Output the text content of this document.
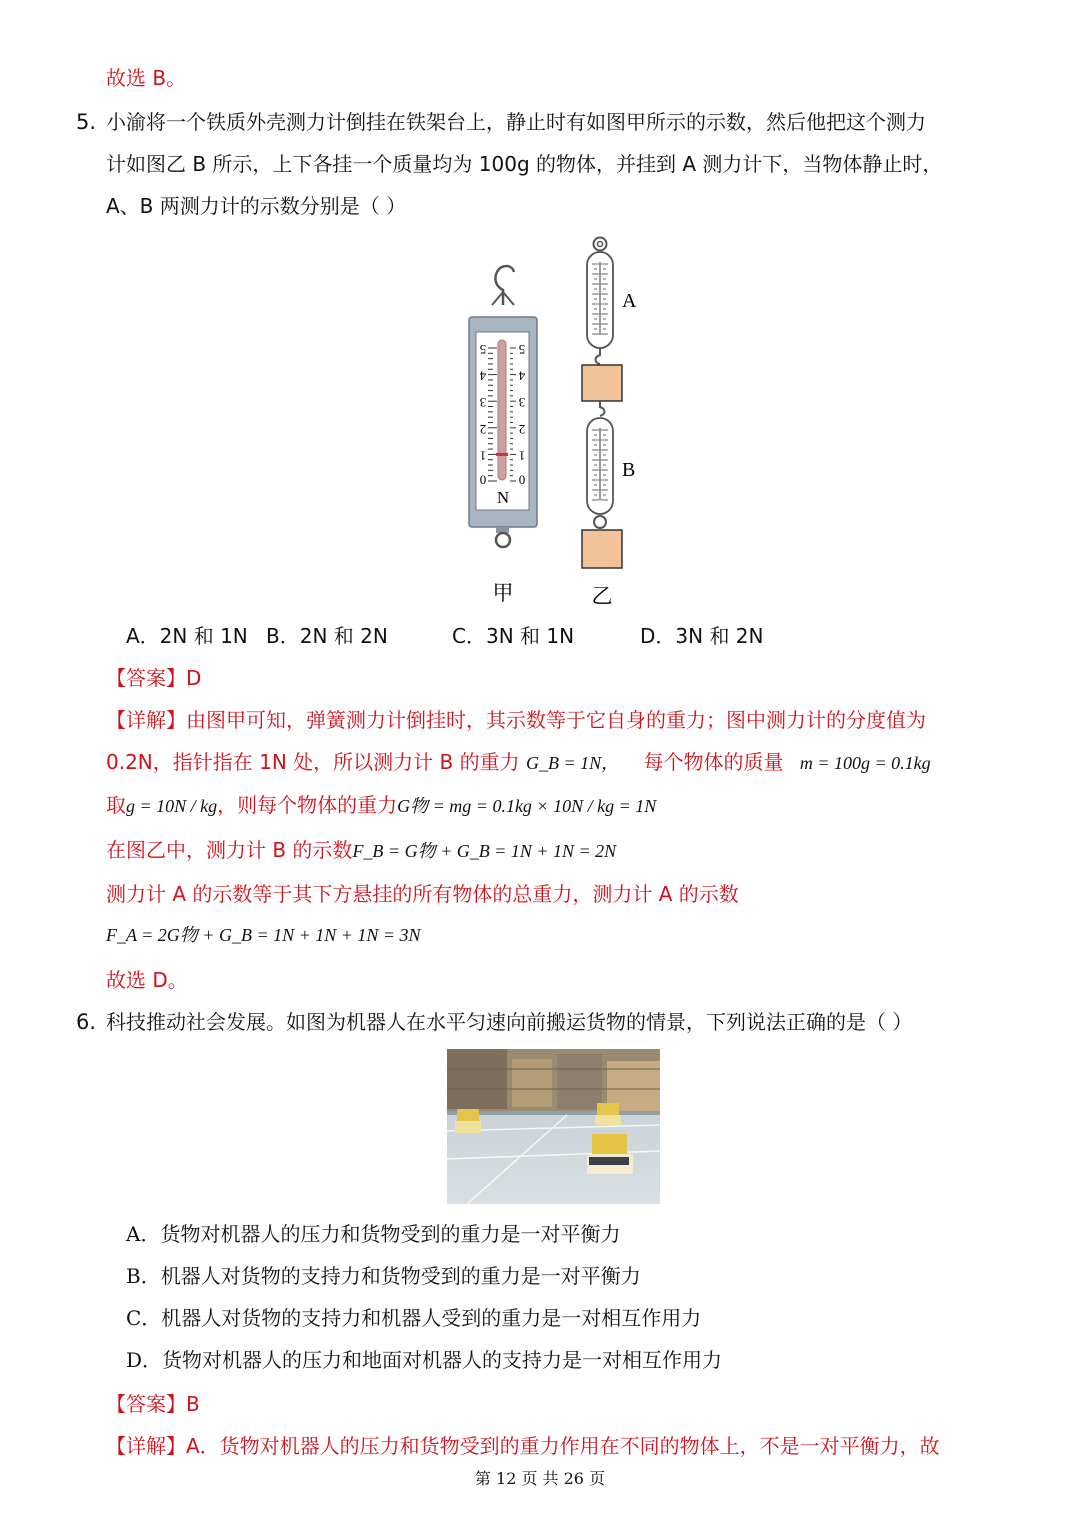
故选 B。
5. 小渝将一个铁质外壳测力计倒挂在铁架台上，静止时有如图甲所示的示数，然后他把这个测力
计如图乙 B 所示，上下各挂一个质量均为 100g 的物体，并挂到 A 测力计下，当物体静止时，
A、B 两测力计的示数分别是（ ）
0	0
1	1
2	2
3	3
4	4
5	5
N
A
B
甲	乙
A．2N 和 1N B．2N 和 2N	C．3N 和 1N	D．3N 和 2N
【答案】D
【详解】由图甲可知，弹簧测力计倒挂时，其示数等于它自身的重力；图中测力计的分度值为
0.2N，指针指在 1N 处，所以测力计 B 的重力 G_B = 1N， 每个物体的质量 m = 100g = 0.1kg
取g = 10N / kg，则每个物体的重力G物 = mg = 0.1kg × 10N / kg = 1N
在图乙中，测力计 B 的示数F_B = G物 + G_B = 1N + 1N = 2N
测力计 A 的示数等于其下方悬挂的所有物体的总重力，测力计 A 的示数
F_A = 2G物 + G_B = 1N + 1N + 1N = 3N
故选 D。
6. 科技推动社会发展。如图为机器人在水平匀速向前搬运货物的情景，下列说法正确的是（ ）
A．货物对机器人的压力和货物受到的重力是一对平衡力
B．机器人对货物的支持力和货物受到的重力是一对平衡力
C．机器人对货物的支持力和机器人受到的重力是一对相互作用力
D．货物对机器人的压力和地面对机器人的支持力是一对相互作用力
【答案】B
【详解】A．货物对机器人的压力和货物受到的重力作用在不同的物体上，不是一对平衡力，故
第 12 页 共 26 页
